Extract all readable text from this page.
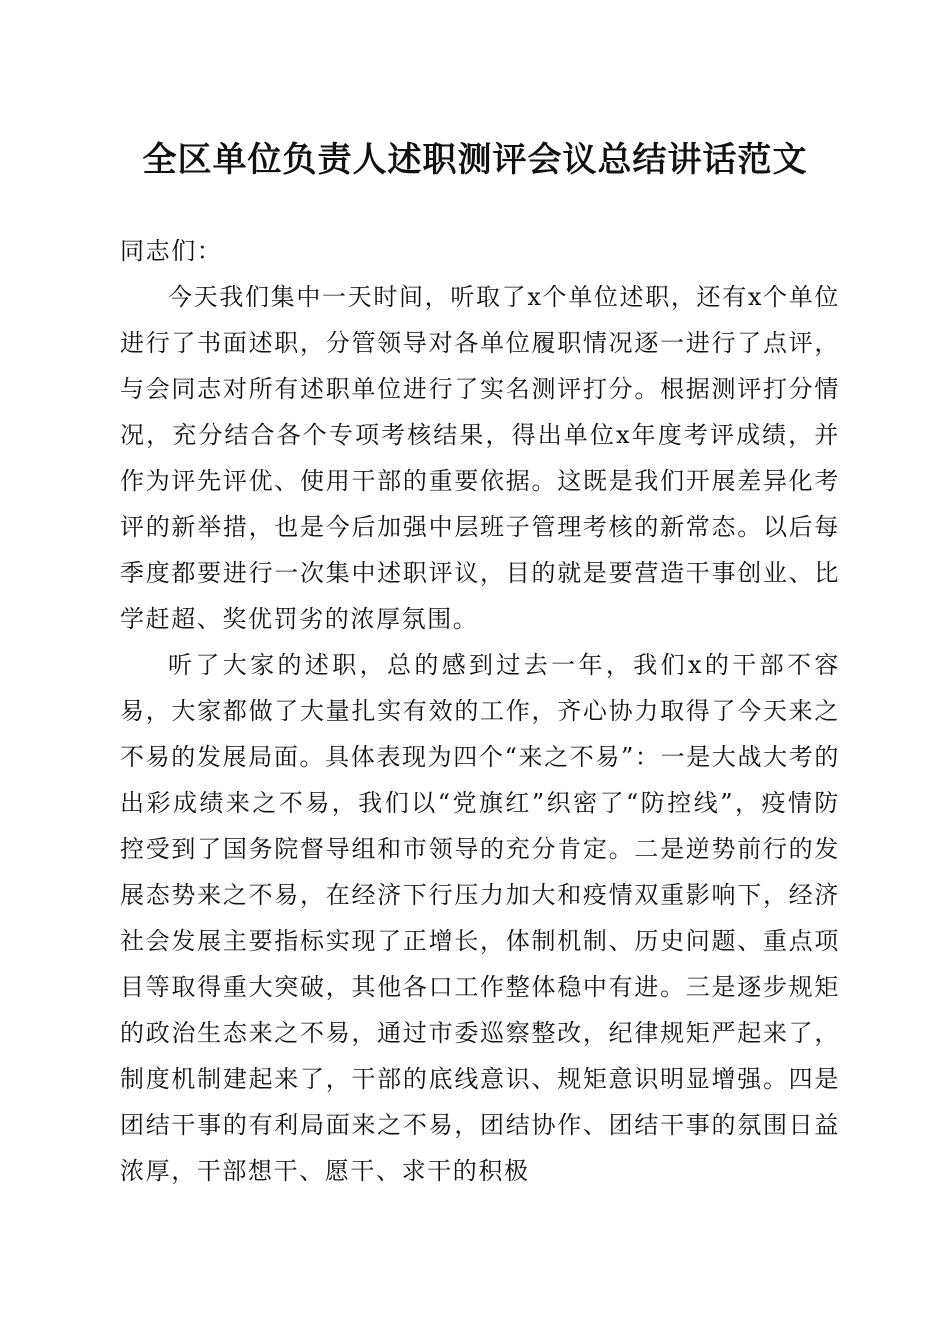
全区单位负责人述职测评会议总结讲话范文

同志们：

今天我们集中一天时间，听取了x个单位述职，还有x个单位进行了书面述职，分管领导对各单位履职情况逐一进行了点评，与会同志对所有述职单位进行了实名测评打分。根据测评打分情况，充分结合各个专项考核结果，得出单位x年度考评成绩，并作为评先评优、使用干部的重要依据。这既是我们开展差异化考评的新举措，也是今后加强中层班子管理考核的新常态。以后每季度都要进行一次集中述职评议，目的就是要营造干事创业、比学赶超、奖优罚劣的浓厚氛围。

听了大家的述职，总的感到过去一年，我们x的干部不容易，大家都做了大量扎实有效的工作，齐心协力取得了今天来之不易的发展局面。具体表现为四个“来之不易”：一是大战大考的出彩成绩来之不易，我们以“党旗红”织密了“防控线”，疫情防控受到了国务院督导组和市领导的充分肯定。二是逆势前行的发展态势来之不易，在经济下行压力加大和疫情双重影响下，经济社会发展主要指标实现了正增长，体制机制、历史问题、重点项目等取得重大突破，其他各口工作整体稳中有进。三是逐步规矩的政治生态来之不易，通过市委巡察整改，纪律规矩严起来了，制度机制建起来了，干部的底线意识、规矩意识明显增强。四是团结干事的有利局面来之不易，团结协作、团结干事的氛围日益浓厚，干部想干、愿干、求干的积极
